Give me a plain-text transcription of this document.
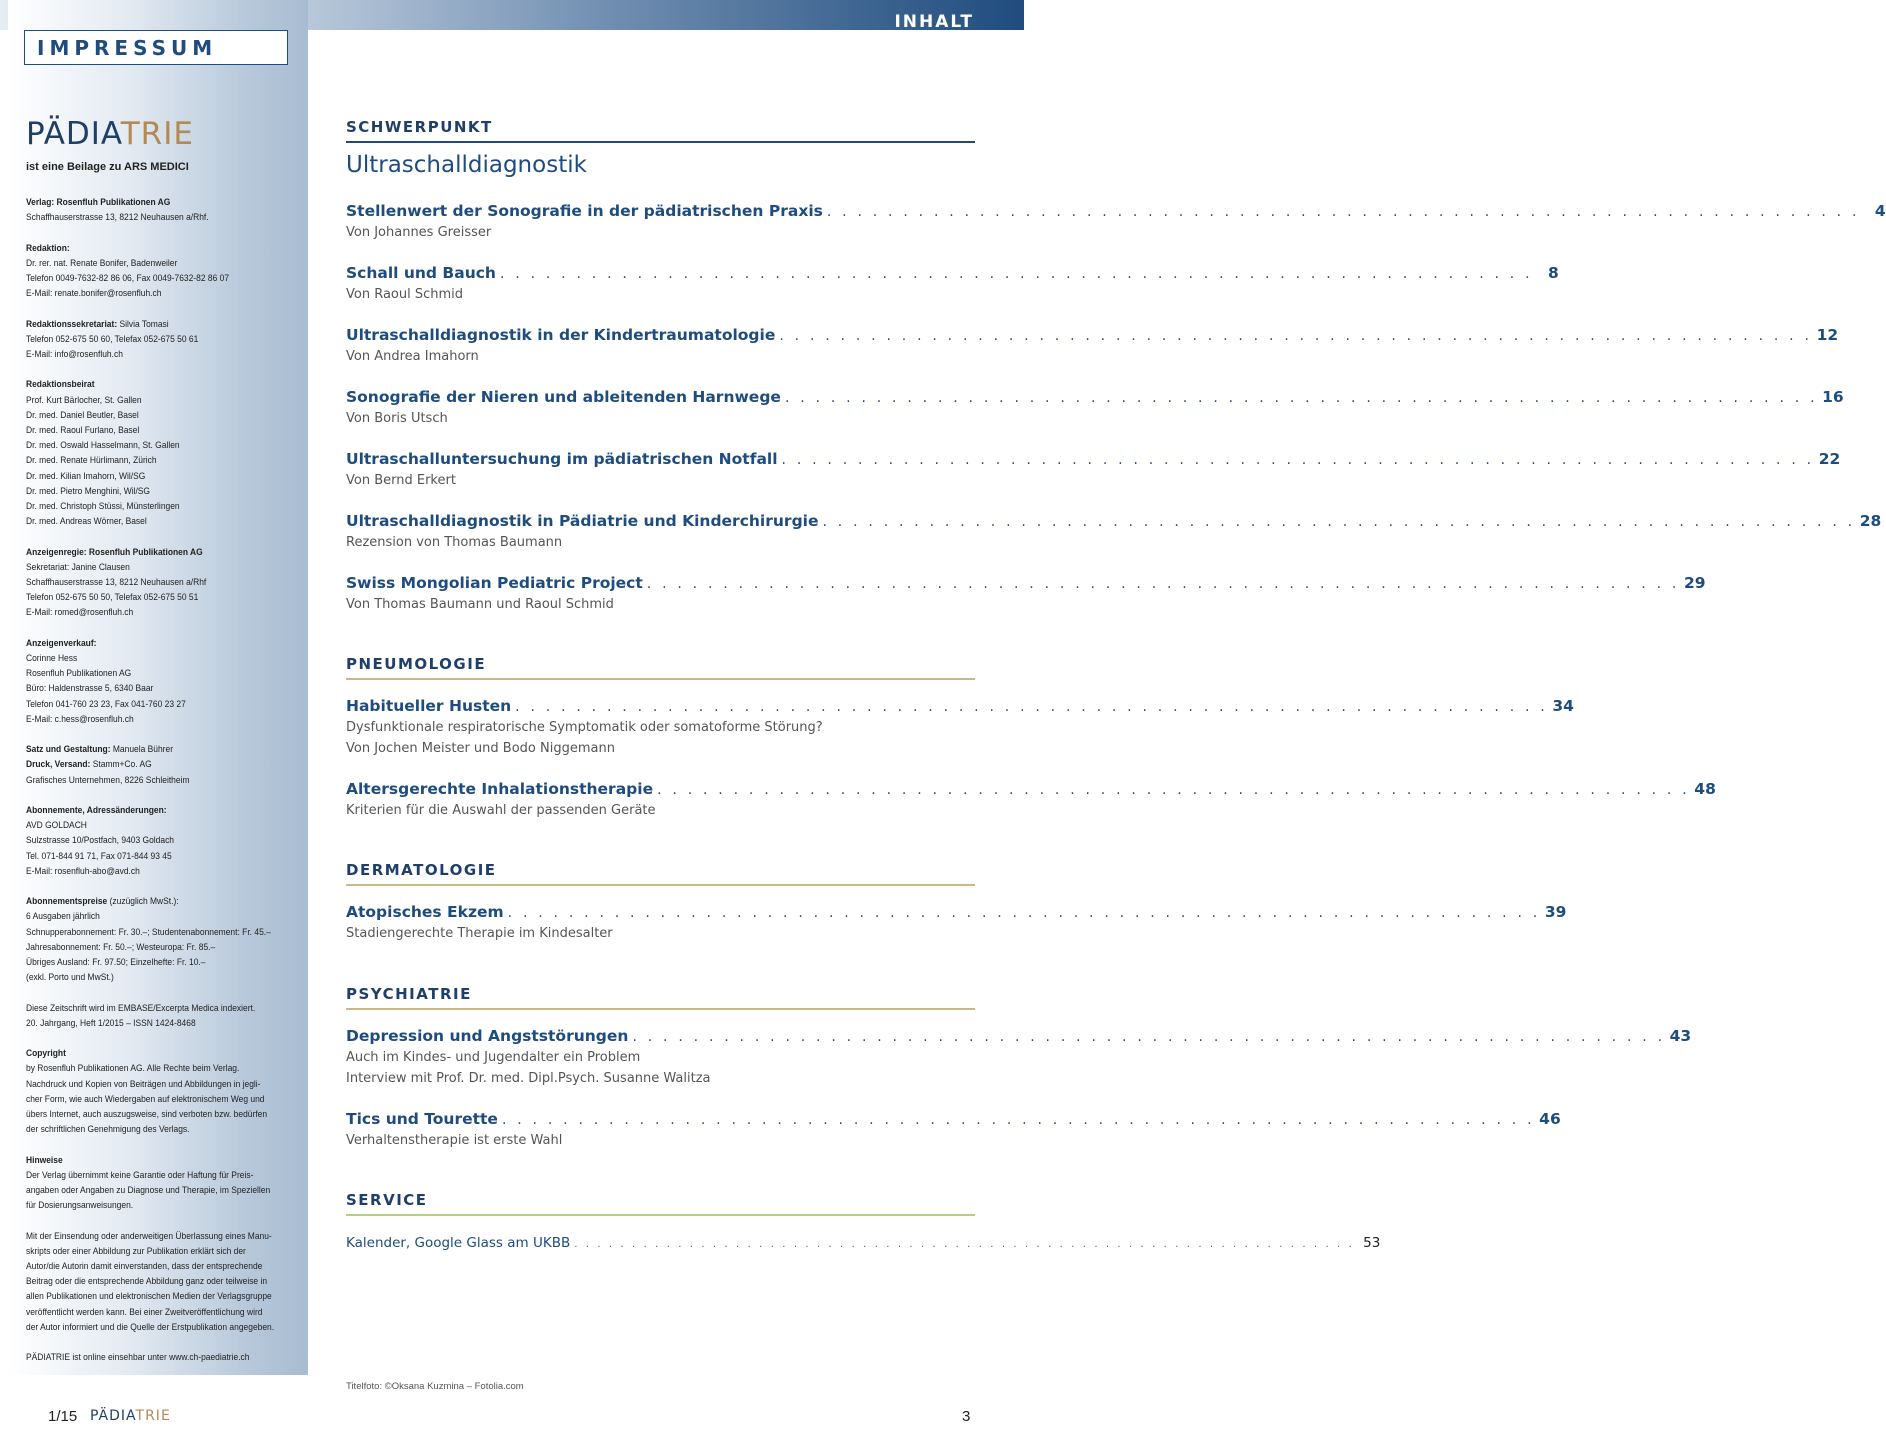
INHALT
IMPRESSUM
PÄDIATRIE
ist eine Beilage zu ARS MEDICI
Verlag: Rosenfluh Publikationen AG
Schaffhauserstrasse 13, 8212 Neuhausen a/Rhf.
Redaktion:
Dr. rer. nat. Renate Bonifer, Badenweiler
Telefon 0049-7632-82 86 06, Fax 0049-7632-82 86 07
E-Mail: renate.bonifer@rosenfluh.ch
Redaktionssekretariat: Silvia Tomasi
Telefon 052-675 50 60, Telefax 052-675 50 61
E-Mail: info@rosenfluh.ch
Redaktionsbeirat
Prof. Kurt Bärlocher, St. Gallen
Dr. med. Daniel Beutler, Basel
Dr. med. Raoul Furlano, Basel
Dr. med. Oswald Hasselmann, St. Gallen
Dr. med. Renate Hürlimann, Zürich
Dr. med. Kilian Imahorn, Wil/SG
Dr. med. Pietro Menghini, Wil/SG
Dr. med. Christoph Stüssi, Münsterlingen
Dr. med. Andreas Wörner, Basel
Anzeigenregie: Rosenfluh Publikationen AG
Sekretariat: Janine Clausen
Schaffhauserstrasse 13, 8212 Neuhausen a/Rhf
Telefon 052-675 50 50, Telefax 052-675 50 51
E-Mail: romed@rosenfluh.ch
Anzeigenverkauf:
Corinne Hess
Rosenfluh Publikationen AG
Büro: Haldenstrasse 5, 6340 Baar
Telefon 041-760 23 23, Fax 041-760 23 27
E-Mail: c.hess@rosenfluh.ch
Satz und Gestaltung: Manuela Bührer
Druck, Versand: Stamm+Co. AG
Grafisches Unternehmen, 8226 Schleitheim
Abonnemente, Adressänderungen:
AVD GOLDACH
Sulzstrasse 10/Postfach, 9403 Goldach
Tel. 071-844 91 71, Fax 071-844 93 45
E-Mail: rosenfluh-abo@avd.ch
Abonnementspreise (zuzüglich MwSt.):
6 Ausgaben jährlich
Schnupperabonnement: Fr. 30.–; Studentenabonnement: Fr. 45.–
Jahresabonnement: Fr. 50.–; Westeuropa: Fr. 85.–
Übriges Ausland: Fr. 97.50; Einzelhefte: Fr. 10.–
(exkl. Porto und MwSt.)
Diese Zeitschrift wird im EMBASE/Excerpta Medica indexiert.
20. Jahrgang, Heft 1/2015 – ISSN 1424-8468
Copyright
by Rosenfluh Publikationen AG. Alle Rechte beim Verlag.
Nachdruck und Kopien von Beiträgen und Abbildungen in jegli-
cher Form, wie auch Wiedergaben auf elektronischem Weg und
übers Internet, auch auszugsweise, sind verboten bzw. bedürfen
der schriftlichen Genehmigung des Verlags.
Hinweise
Der Verlag übernimmt keine Garantie oder Haftung für Preis-
angaben oder Angaben zu Diagnose und Therapie, im Speziellen
für Dosierungsanweisungen.
Mit der Einsendung oder anderweitigen Überlassung eines Manu-
skripts oder einer Abbildung zur Publikation erklärt sich der
Autor/die Autorin damit einverstanden, dass der entsprechende
Beitrag oder die entsprechende Abbildung ganz oder teilweise in
allen Publikationen und elektronischen Medien der Verlagsgruppe
veröffentlicht werden kann. Bei einer Zweitveröffentlichung wird
der Autor informiert und die Quelle der Erstpublikation angegeben.
PÄDIATRIE ist online einsehbar unter www.ch-paediatrie.ch
SCHWERPUNKT
Ultraschalldiagnostik
Stellenwert der Sonografie in der pädiatrischen Praxis . . . . . . . . . . . . . . . . . . . . . . . . . . . . . . . . . . . . . . . . . . . . . . . . . . . . . . . . . . . . . . . . . . . . 4
Von Johannes Greisser
Schall und Bauch . . . . . . . . . . . . . . . . . . . . . . . . . . . . . . . . . . . . . . . . . . . . . . . . . . . . . . . . . . . . . . . . . . . . 8
Von Raoul Schmid
Ultraschalldiagnostik in der Kindertraumatologie . . . . . . . . . . . . . . . . . . . . . . . . . . . . . . . . . . . . . . . . . . . . . . . . . . . . . . . . . . . . . . . . . . . . 12
Von Andrea Imahorn
Sonografie der Nieren und ableitenden Harnwege . . . . . . . . . . . . . . . . . . . . . . . . . . . . . . . . . . . . . . . . . . . . . . . . . . . . . . . . . . . . . . . . . . . . 16
Von Boris Utsch
Ultraschalluntersuchung im pädiatrischen Notfall . . . . . . . . . . . . . . . . . . . . . . . . . . . . . . . . . . . . . . . . . . . . . . . . . . . . . . . . . . . . . . . . . . . . 22
Von Bernd Erkert
Ultraschalldiagnostik in Pädiatrie und Kinderchirurgie . . . . . . . . . . . . . . . . . . . . . . . . . . . . . . . . . . . . . . . . . . . . . . . . . . . . . . . . . . . . . . . . . . . . 28
Rezension von Thomas Baumann
Swiss Mongolian Pediatric Project . . . . . . . . . . . . . . . . . . . . . . . . . . . . . . . . . . . . . . . . . . . . . . . . . . . . . . . . . . . . . . . . . . . . 29
Von Thomas Baumann und Raoul Schmid
PNEUMOLOGIE
Habitueller Husten . . . . . . . . . . . . . . . . . . . . . . . . . . . . . . . . . . . . . . . . . . . . . . . . . . . . . . . . . . . . . . . . . . . . 34
Dysfunktionale respiratorische Symptomatik oder somatoforme Störung?
Von Jochen Meister und Bodo Niggemann
Altersgerechte Inhalationstherapie . . . . . . . . . . . . . . . . . . . . . . . . . . . . . . . . . . . . . . . . . . . . . . . . . . . . . . . . . . . . . . . . . . . . 48
Kriterien für die Auswahl der passenden Geräte
DERMATOLOGIE
Atopisches Ekzem . . . . . . . . . . . . . . . . . . . . . . . . . . . . . . . . . . . . . . . . . . . . . . . . . . . . . . . . . . . . . . . . . . . . 39
Stadiengerechte Therapie im Kindesalter
PSYCHIATRIE
Depression und Angststörungen . . . . . . . . . . . . . . . . . . . . . . . . . . . . . . . . . . . . . . . . . . . . . . . . . . . . . . . . . . . . . . . . . . . . 43
Auch im Kindes- und Jugendalter ein Problem
Interview mit Prof. Dr. med. Dipl.Psych. Susanne Walitza
Tics und Tourette . . . . . . . . . . . . . . . . . . . . . . . . . . . . . . . . . . . . . . . . . . . . . . . . . . . . . . . . . . . . . . . . . . . . 46
Verhaltenstherapie ist erste Wahl
SERVICE
Kalender, Google Glass am UKBB . . . . . . . . . . . . . . . . . . . . . . . . . . . . . . . . . . . . . . . . . . . . . . . . . . . . . . . . . . . . . . . . . . . . 53
Titelfoto: ©Oksana Kuzmina – Fotolia.com
1/15 PÄDIATRIE	3
